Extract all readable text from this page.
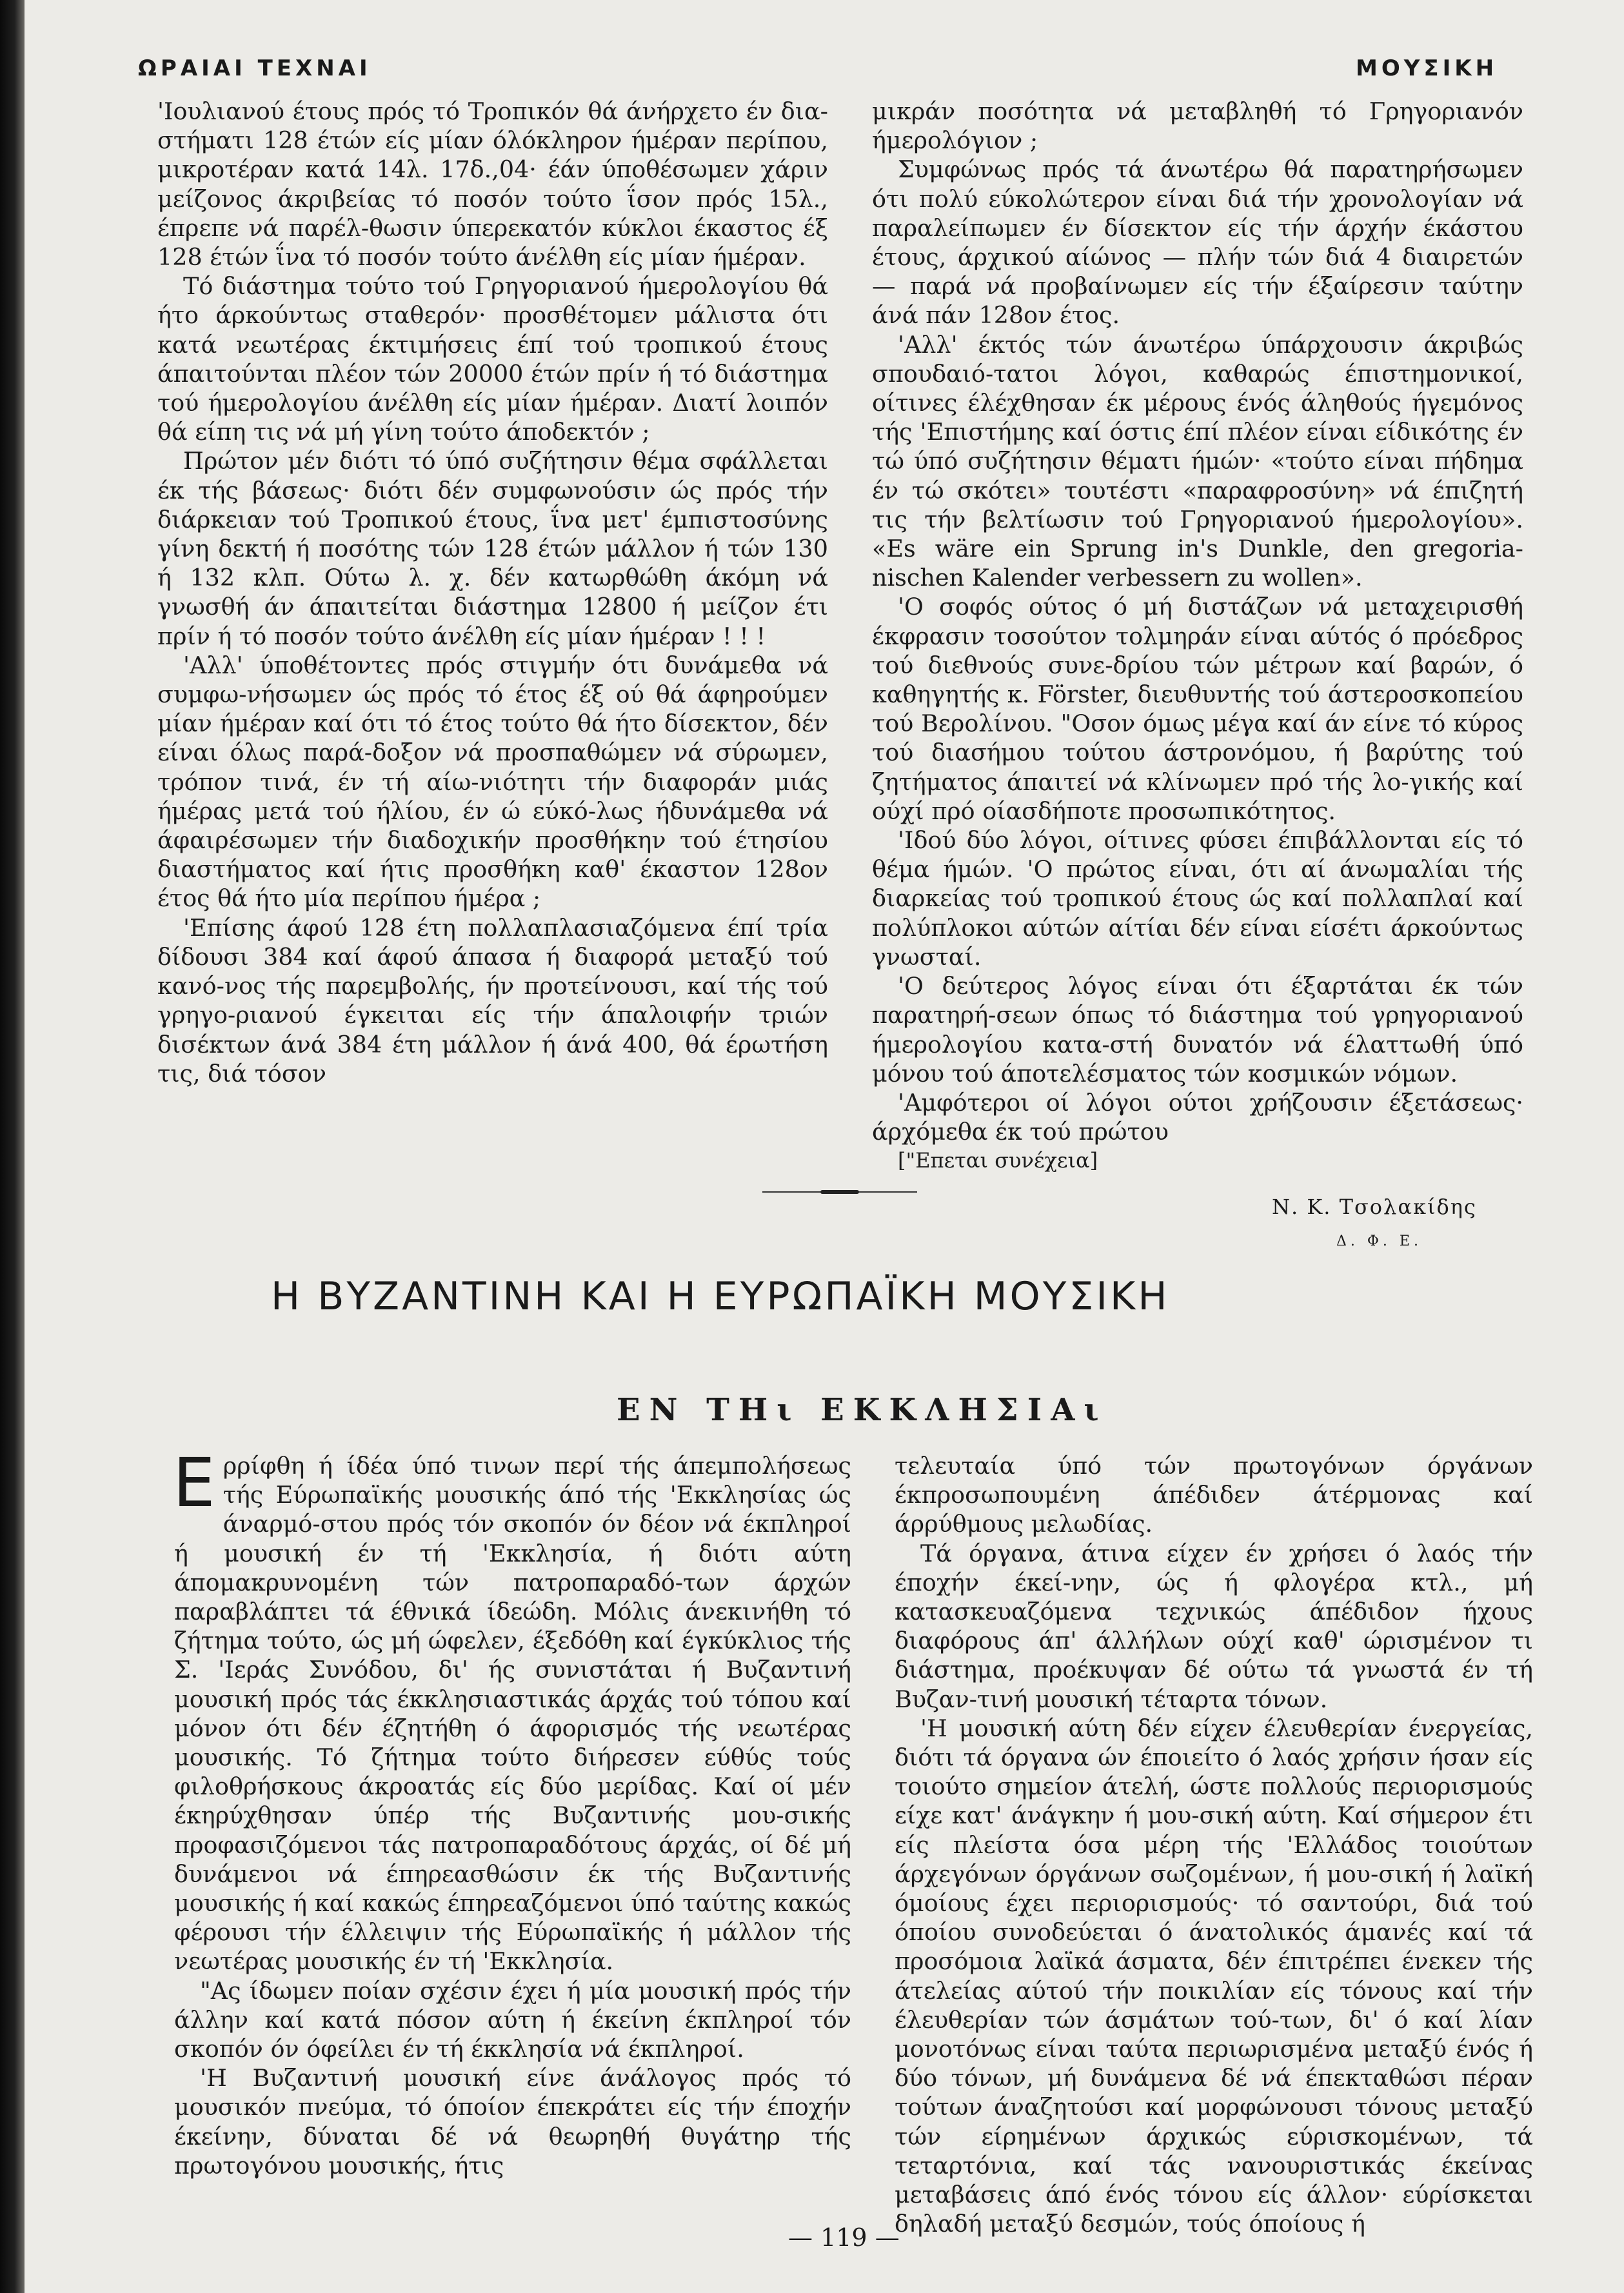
ΩΡΑΙΑΙ ΤΕΧΝΑΙ	ΜΟΥΣΙΚΗ

'Ιουλιανού έτους πρός τό Τροπικόν θά άνήρχετο έν δια-στήματι 128 έτών είς μίαν όλόκληρον ήμέραν περίπου, μικροτέραν κατά 14λ. 17δ.,04· έάν ύποθέσωμεν χάριν μείζονος άκριβείας τό ποσόν τούτο ΐσον πρός 15λ., έπρεπε νά παρέλ-θωσιν ύπερεκατόν κύκλοι έκαστος έξ 128 έτών ΐνα τό ποσόν τούτο άνέλθη είς μίαν ήμέραν.

Τό διάστημα τούτο τού Γρηγοριανού ήμερολογίου θά ήτο άρκούντως σταθερόν· προσθέτομεν μάλιστα ότι κατά νεωτέρας έκτιμήσεις έπί τού τροπικού έτους άπαιτούνται πλέον τών 20000 έτών πρίν ή τό διάστημα τού ήμερολογίου άνέλθη είς μίαν ήμέραν. Διατί λοιπόν θά είπη τις νά μή γίνη τούτο άποδεκτόν ;

Πρώτον μέν διότι τό ύπό συζήτησιν θέμα σφάλλεται έκ τής βάσεως· διότι δέν συμφωνούσιν ώς πρός τήν διάρκειαν τού Τροπικού έτους, ΐνα μετ' έμπιστοσύνης γίνη δεκτή ή ποσότης τών 128 έτών μάλλον ή τών 130 ή 132 κλπ. Ούτω λ. χ. δέν κατωρθώθη άκόμη νά γνωσθή άν άπαιτείται διάστημα 12800 ή μείζον έτι πρίν ή τό ποσόν τούτο άνέλθη είς μίαν ήμέραν ! ! !

'Αλλ' ύποθέτοντες πρός στιγμήν ότι δυνάμεθα νά συμφω-νήσωμεν ώς πρός τό έτος έξ ού θά άφηρούμεν μίαν ήμέραν καί ότι τό έτος τούτο θά ήτο δίσεκτον, δέν είναι όλως παρά-δοξον νά προσπαθώμεν νά σύρωμεν, τρόπον τινά, έν τή αίω-νιότητι τήν διαφοράν μιάς ήμέρας μετά τού ήλίου, έν ώ εύκό-λως ήδυνάμεθα νά άφαιρέσωμεν τήν διαδοχικήν προσθήκην τού έτησίου διαστήματος καί ήτις προσθήκη καθ' έκαστον 128ον έτος θά ήτο μία περίπου ήμέρα ;

'Επίσης άφού 128 έτη πολλαπλασιαζόμενα έπί τρία δίδουσι 384 καί άφού άπασα ή διαφορά μεταξύ τού κανό-νος τής παρεμβολής, ήν προτείνουσι, καί τής τού γρηγο-ριανού έγκειται είς τήν άπαλοιφήν τριών δισέκτων άνά 384 έτη μάλλον ή άνά 400, θά έρωτήση τις, διά τόσον

μικράν ποσότητα νά μεταβληθή τό Γρηγοριανόν ήμερολόγιον ;

Συμφώνως πρός τά άνωτέρω θά παρατηρήσωμεν ότι πολύ εύκολώτερον είναι διά τήν χρονολογίαν νά παραλείπωμεν έν δίσεκτον είς τήν άρχήν έκάστου έτους, άρχικού αίώνος — πλήν τών διά 4 διαιρετών — παρά νά προβαίνωμεν είς τήν έξαίρεσιν ταύτην άνά πάν 128ον έτος.

'Αλλ' έκτός τών άνωτέρω ύπάρχουσιν άκριβώς σπουδαιό-τατοι λόγοι, καθαρώς έπιστημονικοί, οίτινες έλέχθησαν έκ μέρους ένός άληθούς ήγεμόνος τής 'Επιστήμης καί όστις έπί πλέον είναι είδικότης έν τώ ύπό συζήτησιν θέματι ήμών· «τούτο είναι πήδημα έν τώ σκότει» τουτέστι «παραφροσύνη» νά έπιζητή τις τήν βελτίωσιν τού Γρηγοριανού ήμερολογίου». «Es wäre ein Sprung in's Dunkle, den gregoria-nischen Kalender verbessern zu wollen».

'Ο σοφός ούτος ό μή διστάζων νά μεταχειρισθή έκφρασιν τοσούτον τολμηράν είναι αύτός ό πρόεδρος τού διεθνούς συνε-δρίου τών μέτρων καί βαρών, ό καθηγητής κ. Förster, διευθυντής τού άστεροσκοπείου τού Βερολίνου. "Οσον όμως μέγα καί άν είνε τό κύρος τού διασήμου τούτου άστρονόμου, ή βαρύτης τού ζητήματος άπαιτεί νά κλίνωμεν πρό τής λο-γικής καί ούχί πρό οίασδήποτε προσωπικότητος.

'Ιδού δύο λόγοι, οίτινες φύσει έπιβάλλονται είς τό θέμα ήμών. 'Ο πρώτος είναι, ότι αί άνωμαλίαι τής διαρκείας τού τροπικού έτους ώς καί πολλαπλαί καί πολύπλοκοι αύτών αίτίαι δέν είναι είσέτι άρκούντως γνωσταί.

'Ο δεύτερος λόγος είναι ότι έξαρτάται έκ τών παρατηρή-σεων όπως τό διάστημα τού γρηγοριανού ήμερολογίου κατα-στή δυνατόν νά έλαττωθή ύπό μόνου τού άποτελέσματος τών κοσμικών νόμων.

'Αμφότεροι οί λόγοι ούτοι χρήζουσιν έξετάσεως· άρχόμεθα έκ τού πρώτου

["Επεται συνέχεια]

Ν. Κ. Τσολακίδης
Δ. Φ. Ε.
Η ΒΥΖΑΝΤΙΝΗ ΚΑΙ Η ΕΥΡΩΠΑΪΚΗ ΜΟΥΣΙΚΗ
ΕΝ ΤΗι ΕΚΚΛΗΣΙΑι

Ερρίφθη ή ίδέα ύπό τινων περί τής άπεμπολήσεως τής Εύρωπαϊκής μουσικής άπό τής 'Εκκλησίας ώς άναρμό-στου πρός τόν σκοπόν όν δέον νά έκπληροί ή μουσική έν τή 'Εκκλησία, ή διότι αύτη άπομακρυνομένη τών πατροπαραδό-των άρχών παραβλάπτει τά έθνικά ίδεώδη. Μόλις άνεκινήθη τό ζήτημα τούτο, ώς μή ώφελεν, έξεδόθη καί έγκύκλιος τής Σ. 'Ιεράς Συνόδου, δι' ής συνιστάται ή Βυζαντινή μουσική πρός τάς έκκλησιαστικάς άρχάς τού τόπου καί μόνον ότι δέν έζητήθη ό άφορισμός τής νεωτέρας μουσικής. Τό ζήτημα τούτο διήρεσεν εύθύς τούς φιλοθρήσκους άκροατάς είς δύο μερίδας. Καί οί μέν έκηρύχθησαν ύπέρ τής Βυζαντινής μου-σικής προφασιζόμενοι τάς πατροπαραδότους άρχάς, οί δέ μή δυνάμενοι νά έπηρεασθώσιν έκ τής Βυζαντινής μουσικής ή καί κακώς έπηρεαζόμενοι ύπό ταύτης κακώς φέρουσι τήν έλλειψιν τής Εύρωπαϊκής ή μάλλον τής νεωτέρας μουσικής έν τή 'Εκκλησία.

"Ας ίδωμεν ποίαν σχέσιν έχει ή μία μουσική πρός τήν άλλην καί κατά πόσον αύτη ή έκείνη έκπληροί τόν σκοπόν όν όφείλει έν τή έκκλησία νά έκπληροί.

'Η Βυζαντινή μουσική είνε άνάλογος πρός τό μουσικόν πνεύμα, τό όποίον έπεκράτει είς τήν έποχήν έκείνην, δύναται δέ νά θεωρηθή θυγάτηρ τής πρωτογόνου μουσικής, ήτις

τελευταία ύπό τών πρωτογόνων όργάνων έκπροσωπουμένη άπέδιδεν άτέρμονας καί άρρύθμους μελωδίας.

Τά όργανα, άτινα είχεν έν χρήσει ό λαός τήν έποχήν έκεί-νην, ώς ή φλογέρα κτλ., μή κατασκευαζόμενα τεχνικώς άπέδιδον ήχους διαφόρους άπ' άλλήλων ούχί καθ' ώρισμένον τι διάστημα, προέκυψαν δέ ούτω τά γνωστά έν τή Βυζαν-τινή μουσική τέταρτα τόνων.

'Η μουσική αύτη δέν είχεν έλευθερίαν ένεργείας, διότι τά όργανα ών έποιείτο ό λαός χρήσιν ήσαν είς τοιούτο σημείον άτελή, ώστε πολλούς περιορισμούς είχε κατ' άνάγκην ή μου-σική αύτη. Καί σήμερον έτι είς πλείστα όσα μέρη τής 'Ελλάδος τοιούτων άρχεγόνων όργάνων σωζομένων, ή μου-σική ή λαϊκή όμοίους έχει περιορισμούς· τό σαντούρι, διά τού όποίου συνοδεύεται ό άνατολικός άμανές καί τά προσόμοια λαϊκά άσματα, δέν έπιτρέπει ένεκεν τής άτελείας αύτού τήν ποικιλίαν είς τόνους καί τήν έλευθερίαν τών άσμάτων τού-των, δι' ό καί λίαν μονοτόνως είναι ταύτα περιωρισμένα μεταξύ ένός ή δύο τόνων, μή δυνάμενα δέ νά έπεκταθώσι πέραν τούτων άναζητούσι καί μορφώνουσι τόνους μεταξύ τών είρημένων άρχικώς εύρισκομένων, τά τεταρτόνια, καί τάς νανουριστικάς έκείνας μεταβάσεις άπό ένός τόνου είς άλλον· εύρίσκεται δηλαδή μεταξύ δεσμών, τούς όποίους ή

— 119 —
